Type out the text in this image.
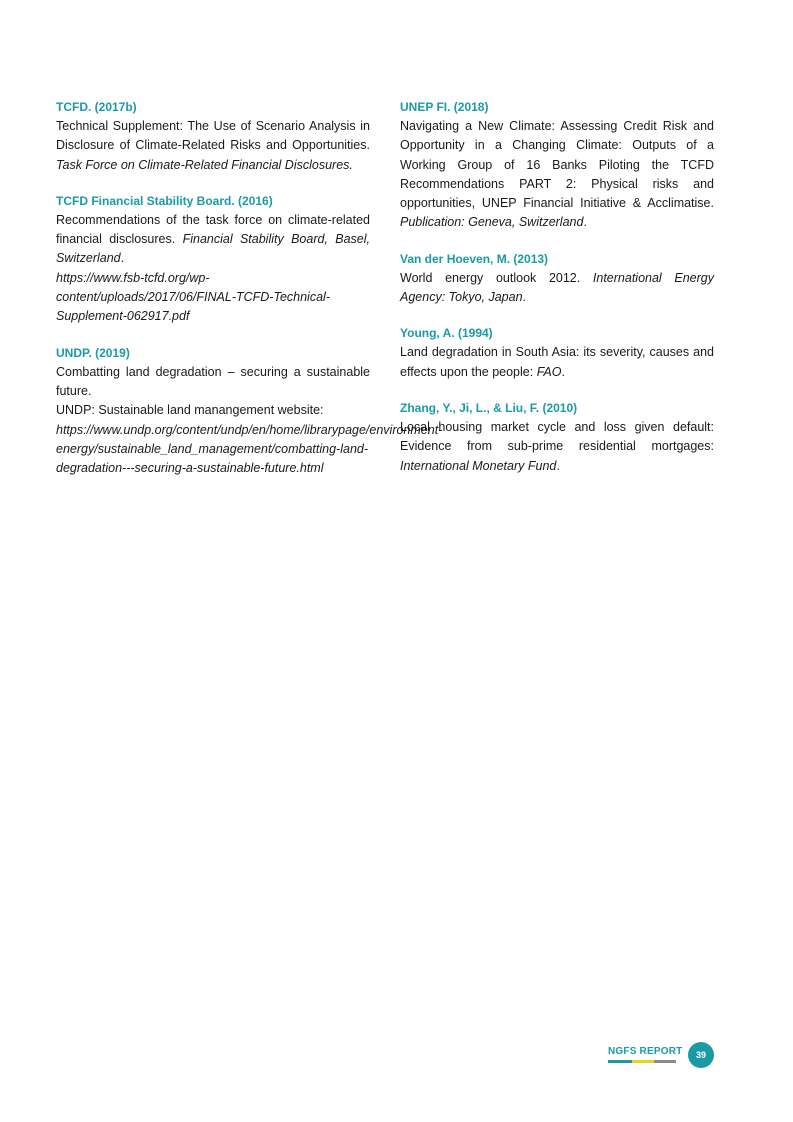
TCFD. (2017b)

Technical Supplement: The Use of Scenario Analysis in Disclosure of Climate-Related Risks and Opportunities. Task Force on Climate-Related Financial Disclosures.

TCFD Financial Stability Board. (2016)

Recommendations of the task force on climate-related financial disclosures. Financial Stability Board, Basel, Switzerland.
https://www.fsb-tcfd.org/wp-content/uploads/2017/06/FINAL-TCFD-Technical-Supplement-062917.pdf

UNDP. (2019)

Combatting land degradation – securing a sustainable future.
UNDP: Sustainable land manangement website:
https://www.undp.org/content/undp/en/home/librarypage/environment-energy/sustainable_land_management/combatting-land-degradation---securing-a-sustainable-future.html

UNEP FI. (2018)

Navigating a New Climate: Assessing Credit Risk and Opportunity in a Changing Climate: Outputs of a Working Group of 16 Banks Piloting the TCFD Recommendations PART 2: Physical risks and opportunities, UNEP Financial Initiative & Acclimatise. Publication: Geneva, Switzerland.

Van der Hoeven, M. (2013)

World energy outlook 2012. International Energy Agency: Tokyo, Japan.

Young, A. (1994)

Land degradation in South Asia: its severity, causes and effects upon the people: FAO.

Zhang, Y., Ji, L., & Liu, F. (2010)

Local housing market cycle and loss given default: Evidence from sub-prime residential mortgages: International Monetary Fund.

NGFS REPORT	39
